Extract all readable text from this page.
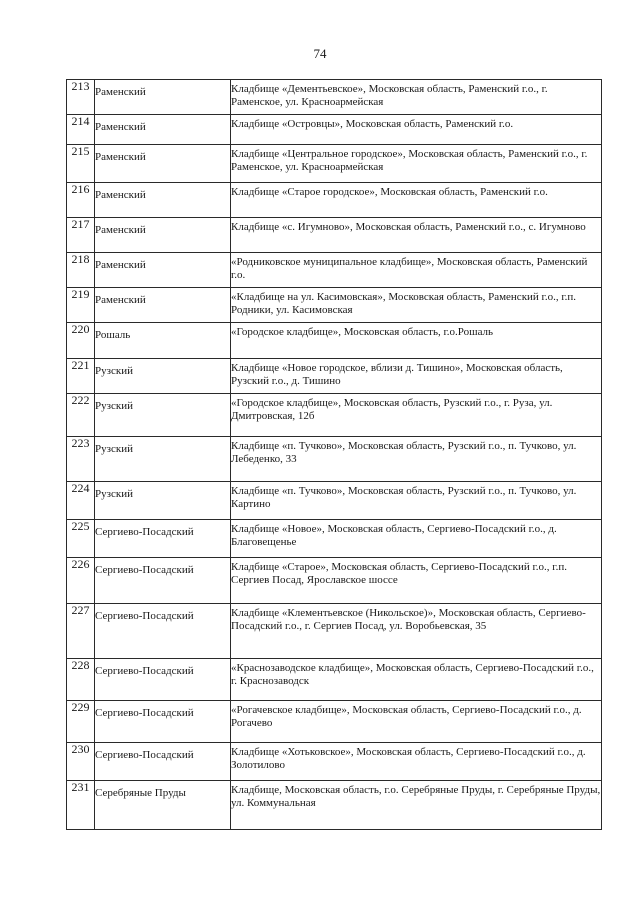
74
213	Раменский	Кладбище «Дементьевское», Московская область, Раменский г.о., г. Раменское, ул. Красноармейская

214	Раменский	Кладбище «Островцы», Московская область, Раменский г.о.

215	Раменский	Кладбище «Центральное городское», Московская область, Раменский г.о., г. Раменское, ул. Красноармейская

216	Раменский	Кладбище «Старое городское», Московская область, Раменский г.о.

217	Раменский	Кладбище «с. Игумново», Московская область, Раменский г.о., с. Игумново

218	Раменский	«Родниковское муниципальное кладбище», Московская область, Раменский г.о.

219	Раменский	«Кладбище на ул. Касимовская», Московская область, Раменский г.о., г.п. Родники, ул. Касимовская

220	Рошаль	«Городское кладбище», Московская область, г.о.Рошаль

221	Рузский	Кладбище «Новое городское, вблизи д. Тишино», Московская область, Рузский г.о., д. Тишино

222	Рузский	«Городское кладбище», Московская область, Рузский г.о., г. Руза, ул. Дмитровская, 12б

223	Рузский	Кладбище «п. Тучково», Московская область, Рузский г.о., п. Тучково, ул. Лебеденко, 33

224	Рузский	Кладбище «п. Тучково», Московская область, Рузский г.о., п. Тучково, ул. Картино

225	Сергиево-Посадский	Кладбище «Новое», Московская область, Сергиево-Посадский г.о., д. Благовещенье

226	Сергиево-Посадский	Кладбище «Старое», Московская область, Сергиево-Посадский г.о., г.п. Сергиев Посад, Ярославское шоссе

227	Сергиево-Посадский	Кладбище «Клементьевское (Никольское)», Московская область, Сергиево-Посадский г.о., г. Сергиев Посад, ул. Воробьевская, 35

228	Сергиево-Посадский	«Краснозаводское кладбище», Московская область, Сергиево-Посадский г.о., г. Краснозаводск

229	Сергиево-Посадский	«Рогачевское кладбище», Московская область, Сергиево-Посадский г.о., д. Рогачево

230	Сергиево-Посадский	Кладбище «Хотьковское», Московская область, Сергиево-Посадский г.о., д. Золотилово

231	Серебряные Пруды	Кладбище, Московская область, г.о. Серебряные Пруды, г. Серебряные Пруды, ул. Коммунальная
